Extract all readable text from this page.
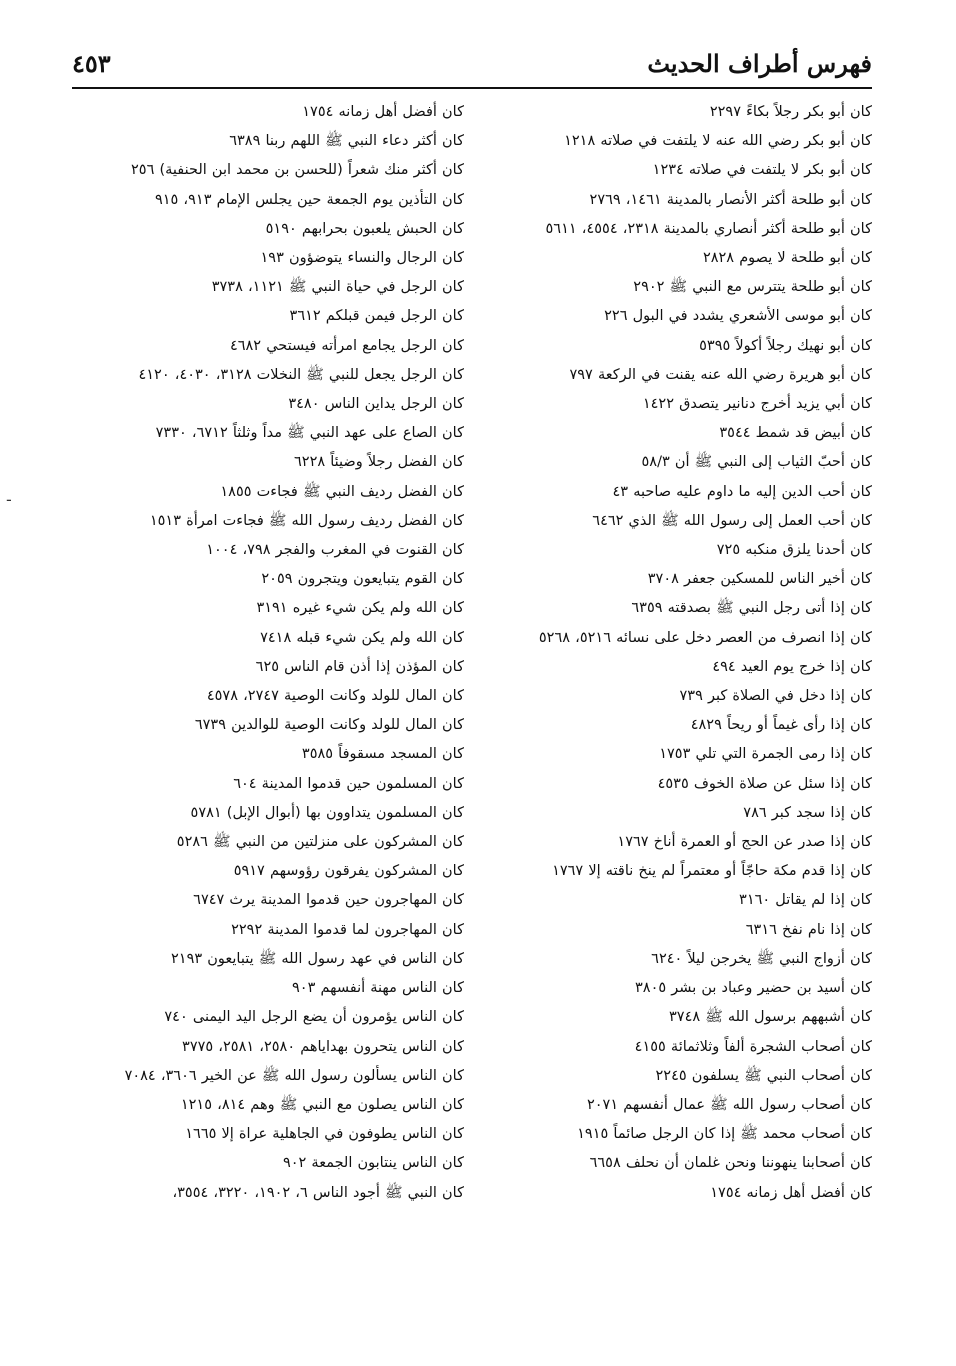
فهرس أطراف الحديث
٤٥٣
-
كان أبو بكر رجلاً بكاءً ٢٢٩٧
كان أبو بكر رضي الله عنه لا يلتفت في صلاته ١٢١٨
كان أبو بكر لا يلتفت في صلاته ١٢٣٤
كان أبو طلحة أكثر الأنصار بالمدينة ١٤٦١، ٢٧٦٩
كان أبو طلحة أكثر أنصاري بالمدينة ٢٣١٨، ٤٥٥٤، ٥٦١١
كان أبو طلحة لا يصوم ٢٨٢٨
كان أبو طلحة يتترس مع النبي ﷺ ٢٩٠٢
كان أبو موسى الأشعري يشدد في البول ٢٢٦
كان أبو نهيك رجلاً أكولاً ٥٣٩٥
كان أبو هريرة رضي الله عنه يقنت في الركعة ٧٩٧
كان أبي يزيد أخرج دنانير يتصدق ١٤٢٢
كان أبيض قد شمط ٣٥٤٤
كان أحبّ الثياب إلى النبي ﷺ أن ٥٨/٣
كان أحب الدين إليه ما داوم عليه صاحبه ٤٣
كان أحب العمل إلى رسول الله ﷺ الذي ٦٤٦٢
كان أحدنا يلزق منكبه ٧٢٥
كان أخير الناس للمسكين جعفر ٣٧٠٨
كان إذا أتى رجل النبي ﷺ بصدقته ٦٣٥٩
كان إذا انصرف من العصر دخل على نسائه ٥٢١٦، ٥٢٦٨
كان إذا خرج يوم العيد ٤٩٤
كان إذا دخل في الصلاة كبر ٧٣٩
كان إذا رأى غيماً أو ريحاً ٤٨٢٩
كان إذا رمى الجمرة التي تلي ١٧٥٣
كان إذا سئل عن صلاة الخوف ٤٥٣٥
كان إذا سجد كبر ٧٨٦
كان إذا صدر عن الحج أو العمرة أناخ ١٧٦٧
كان إذا قدم مكة حاجّاً أو معتمراً لم ينخ ناقته إلا ١٧٦٧
كان إذا لم يقاتل ٣١٦٠
كان إذا نام نفخ ٦٣١٦
كان أزواج النبي ﷺ يخرجن ليلاً ٦٢٤٠
كان أسيد بن حضير وعباد بن بشر ٣٨٠٥
كان أشبههم برسول الله ﷺ ٣٧٤٨
كان أصحاب الشجرة ألفاً وثلاثمائة ٤١٥٥
كان أصحاب النبي ﷺ يسلفون ٢٢٤٥
كان أصحاب رسول الله ﷺ عمال أنفسهم ٢٠٧١
كان أصحاب محمد ﷺ إذا كان الرجل صائماً ١٩١٥
كان أصحابنا ينهوننا ونحن غلمان أن نحلف ٦٦٥٨
كان أفضل أهل زمانه ١٧٥٤
كان أفضل أهل زمانه ١٧٥٤
كان أكثر دعاء النبي ﷺ اللهم ربنا ٦٣٨٩
كان أكثر منك شعراً (للحسن بن محمد ابن الحنفية) ٢٥٦
كان التأذين يوم الجمعة حين يجلس الإمام ٩١٣، ٩١٥
كان الحبش يلعبون بحرابهم ٥١٩٠
كان الرجال والنساء يتوضؤون ١٩٣
كان الرجل في حياة النبي ﷺ ١١٢١، ٣٧٣٨
كان الرجل فيمن قبلكم ٣٦١٢
كان الرجل يجامع امرأته فيستحي ٤٦٨٢
كان الرجل يجعل للنبي ﷺ النخلات ٣١٢٨، ٤٠٣٠، ٤١٢٠
كان الرجل يداين الناس ٣٤٨٠
كان الصاع على عهد النبي ﷺ مداً وثلثاً ٦٧١٢، ٧٣٣٠
كان الفضل رجلاً وضيئاً ٦٢٢٨
كان الفضل رديف النبي ﷺ فجاءت ١٨٥٥
كان الفضل رديف رسول الله ﷺ فجاءت امرأة ١٥١٣
كان القنوت في المغرب والفجر ٧٩٨، ١٠٠٤
كان القوم يتبايعون ويتجرون ٢٠٥٩
كان الله ولم يكن شيء غيره ٣١٩١
كان الله ولم يكن شيء قبله ٧٤١٨
كان المؤذن إذا أذن قام الناس ٦٢٥
كان المال للولد وكانت الوصية ٢٧٤٧، ٤٥٧٨
كان المال للولد وكانت الوصية للوالدين ٦٧٣٩
كان المسجد مسقوفاً ٣٥٨٥
كان المسلمون حين قدموا المدينة ٦٠٤
كان المسلمون يتداوون بها (أبوال الإبل) ٥٧٨١
كان المشركون على منزلتين من النبي ﷺ ٥٢٨٦
كان المشركون يفرقون رؤوسهم ٥٩١٧
كان المهاجرون حين قدموا المدينة يرث ٦٧٤٧
كان المهاجرون لما قدموا المدينة ٢٢٩٢
كان الناس في عهد رسول الله ﷺ يتبايعون ٢١٩٣
كان الناس مهنة أنفسهم ٩٠٣
كان الناس يؤمرون أن يضع الرجل اليد اليمنى ٧٤٠
كان الناس يتحرون بهداياهم ٢٥٨٠، ٢٥٨١، ٣٧٧٥
كان الناس يسألون رسول الله ﷺ عن الخير ٣٦٠٦، ٧٠٨٤
كان الناس يصلون مع النبي ﷺ وهم ٨١٤، ١٢١٥
كان الناس يطوفون في الجاهلية عراة إلا ١٦٦٥
كان الناس ينتابون الجمعة ٩٠٢
كان النبي ﷺ أجود الناس ٦، ١٩٠٢، ٣٢٢٠، ٣٥٥٤،
